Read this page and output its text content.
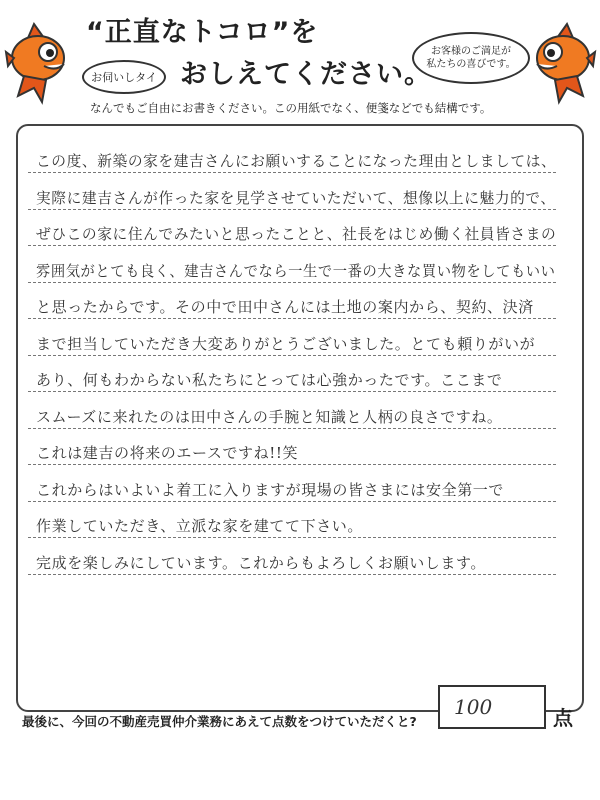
お伺いしタイ
お客様のご満足が
私たちの喜びです。
“正直なトコロ”を
おしえてください。
なんでもご自由にお書きください。この用紙でなく、便箋などでも結構です。
この度、新築の家を建吉さんにお願いすることになった理由としましては、
実際に建吉さんが作った家を見学させていただいて、想像以上に魅力的で、
ぜひこの家に住んでみたいと思ったことと、社長をはじめ働く社員皆さまの
雰囲気がとても良く、建吉さんでなら一生で一番の大きな買い物をしてもいい
と思ったからです。その中で田中さんには土地の案内から、契約、決済
まで担当していただき大変ありがとうございました。とても頼りがいが
あり、何もわからない私たちにとっては心強かったです。ここまで
スムーズに来れたのは田中さんの手腕と知識と人柄の良さですね。
これは建吉の将来のエースですね!!笑
これからはいよいよ着工に入りますが現場の皆さまには安全第一で
作業していただき、立派な家を建てて下さい。
完成を楽しみにしています。これからもよろしくお願いします。
最後に、今回の不動産売買仲介業務にあえて点数をつけていただくと?
100	点
